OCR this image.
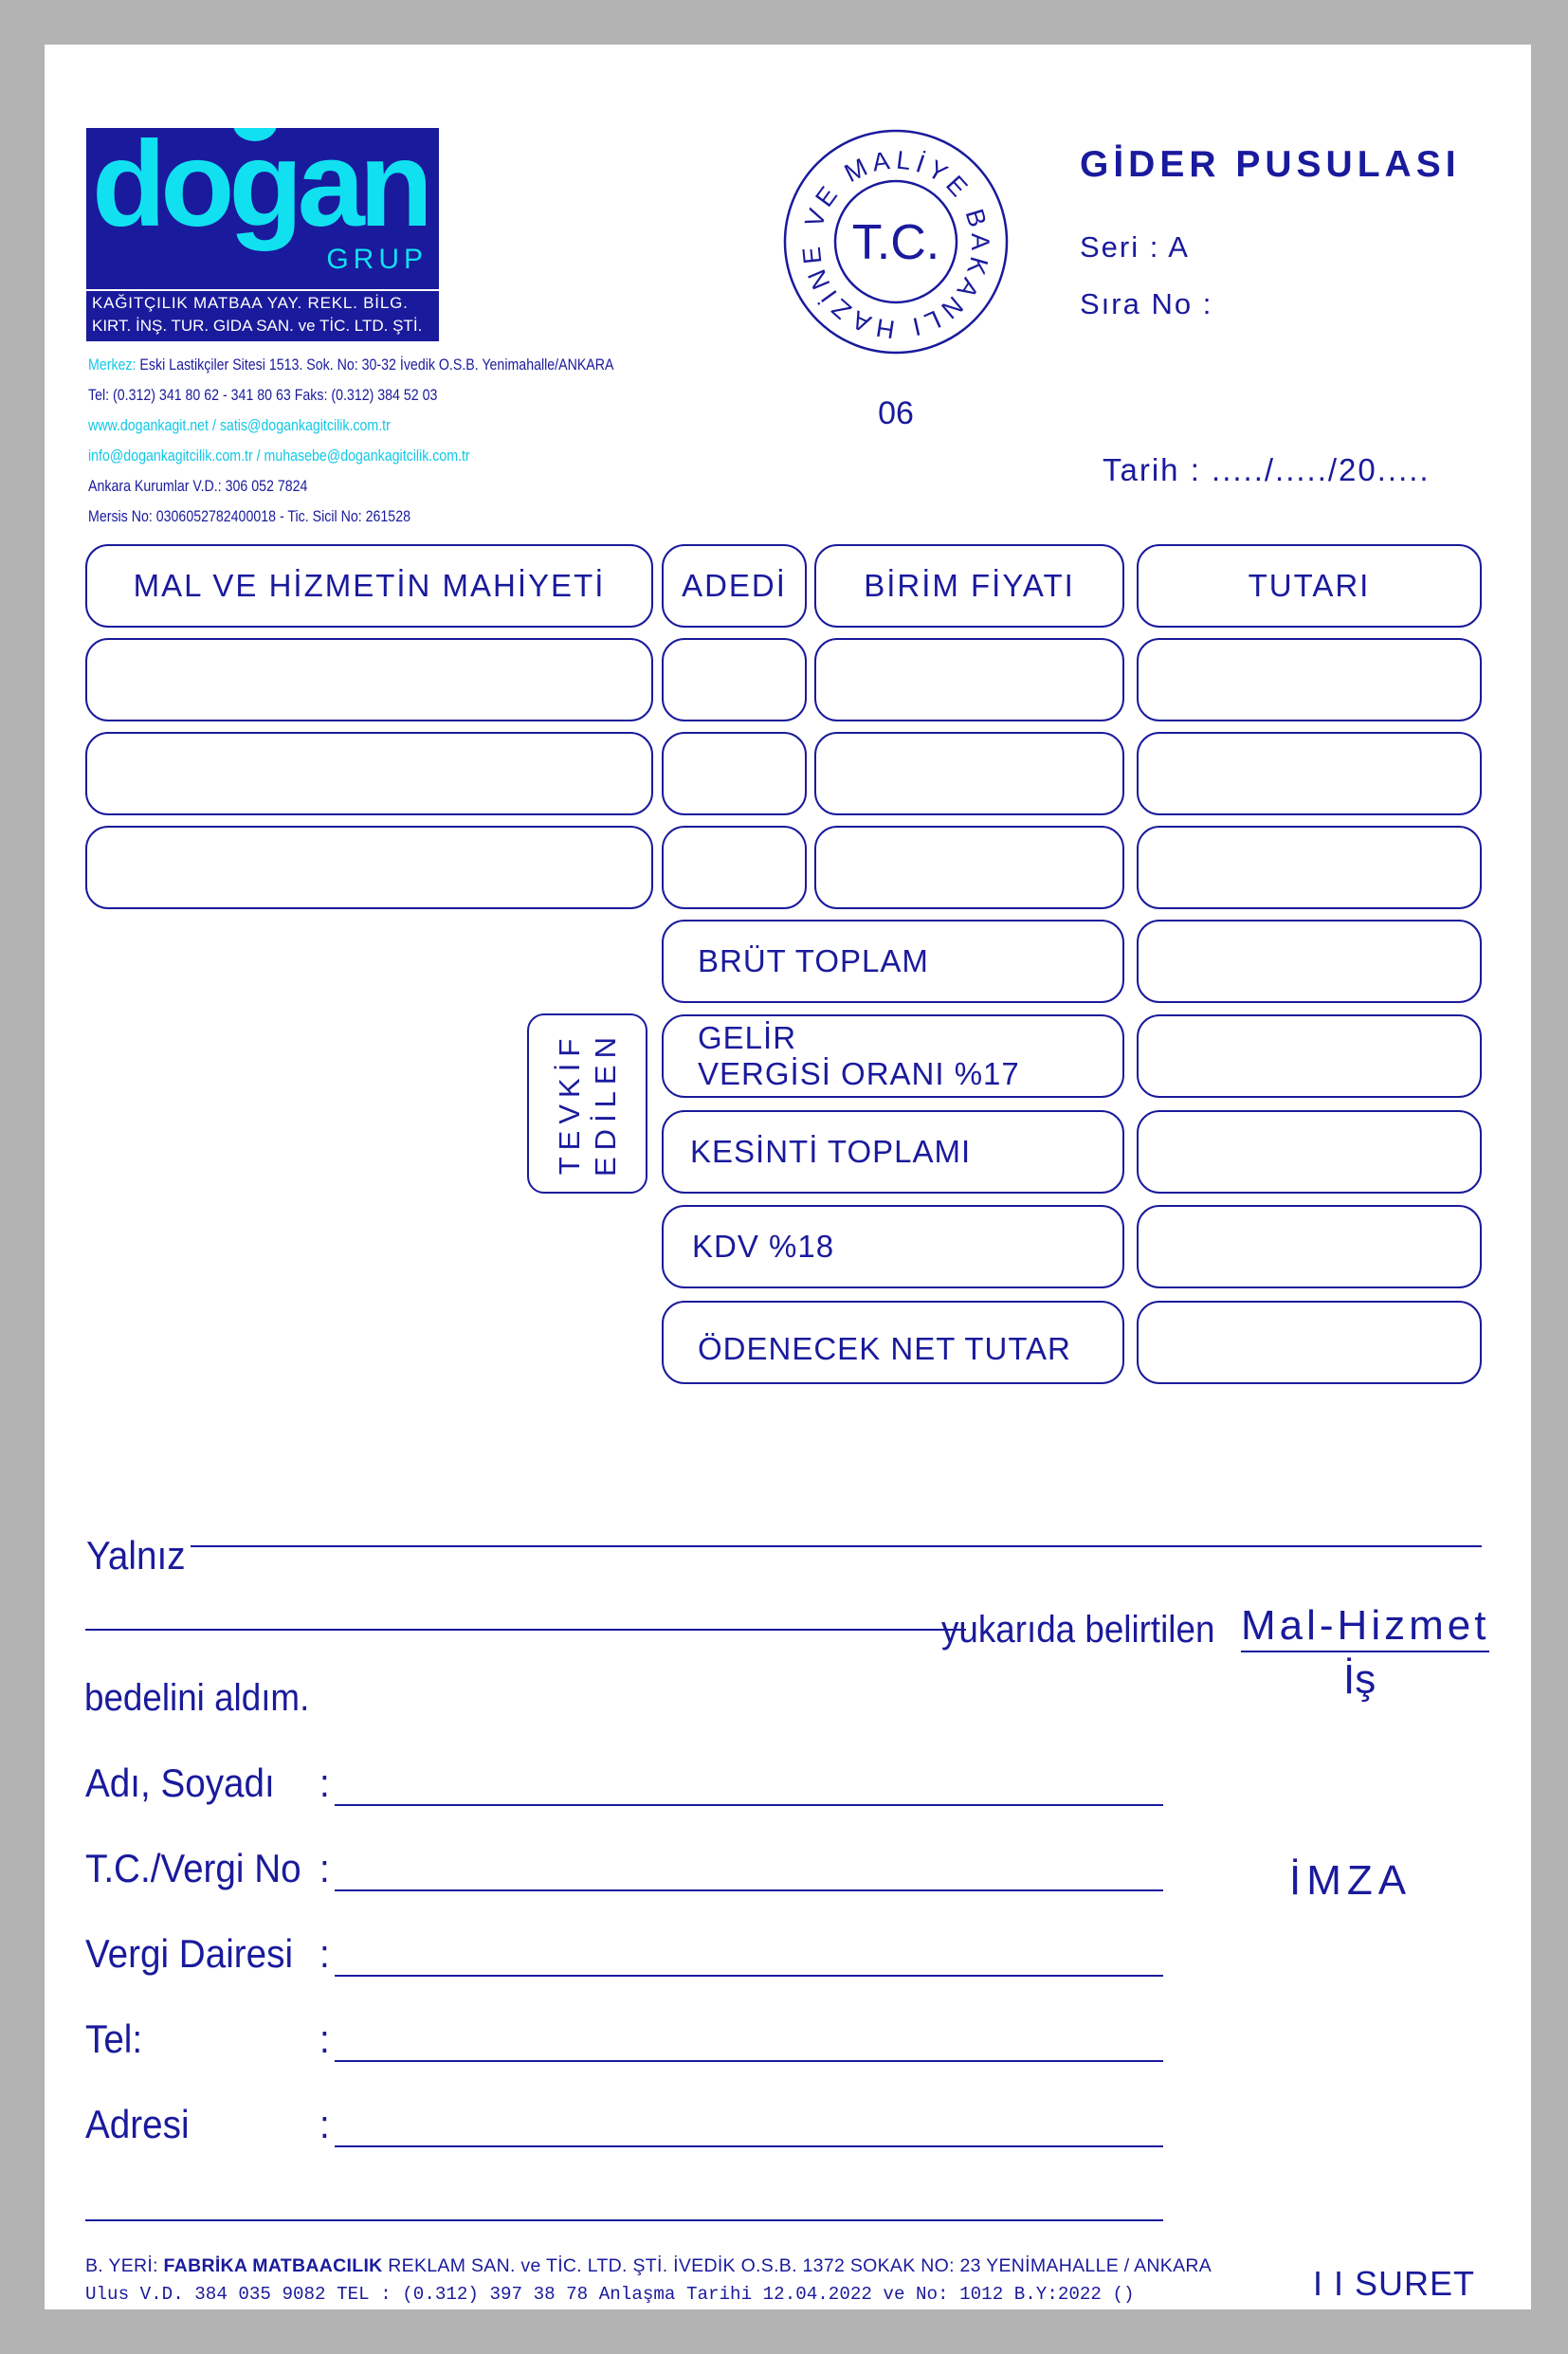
dogan
GRUP
KAĞITÇILIK MATBAA YAY. REKL. BİLG.
KIRT. İNŞ. TUR. GIDA SAN. ve TİC. LTD. ŞTİ.
Merkez: Eski Lastikçiler Sitesi 1513. Sok. No: 30-32 İvedik O.S.B. Yenimahalle/ANKARA
Tel: (0.312) 341 80 62 - 341 80 63 Faks: (0.312) 384 52 03
www.dogankagit.net / satis@dogankagitcilik.com.tr
info@dogankagitcilik.com.tr / muhasebe@dogankagitcilik.com.tr
Ankara Kurumlar V.D.: 306 052 7824
Mersis No: 0306052782400018 - Tic. Sicil No: 261528
HAZİNE VE MALİYE BAKANLI
T.C.
06
GİDER PUSULASI
Seri : A
Sıra No :
Tarih : ...../...../20.....
MAL VE HİZMETİN MAHİYETİ	ADEDİ	BİRİM FİYATI	TUTARI
TEVKİF EDİLEN
BRÜT TOPLAM
GELİR
VERGİSİ ORANI %17
KESİNTİ TOPLAMI
KDV %18
ÖDENECEK NET TUTAR
Yalnız
yukarıda belirtilen Mal-Hizmet
İş
bedelini aldım.
Adı, Soyadı :
T.C./Vergi No :
Vergi Dairesi :
Tel:	:
Adresi	:
İMZA
B. YERİ: FABRİKA MATBAACILIK REKLAM SAN. ve TİC. LTD. ŞTİ. İVEDİK O.S.B. 1372 SOKAK NO: 23 YENİMAHALLE / ANKARA
Ulus V.D. 384 035 9082 TEL : (0.312) 397 38 78 Anlaşma Tarihi 12.04.2022 ve No: 1012 B.Y:2022 ()	I I SURET
